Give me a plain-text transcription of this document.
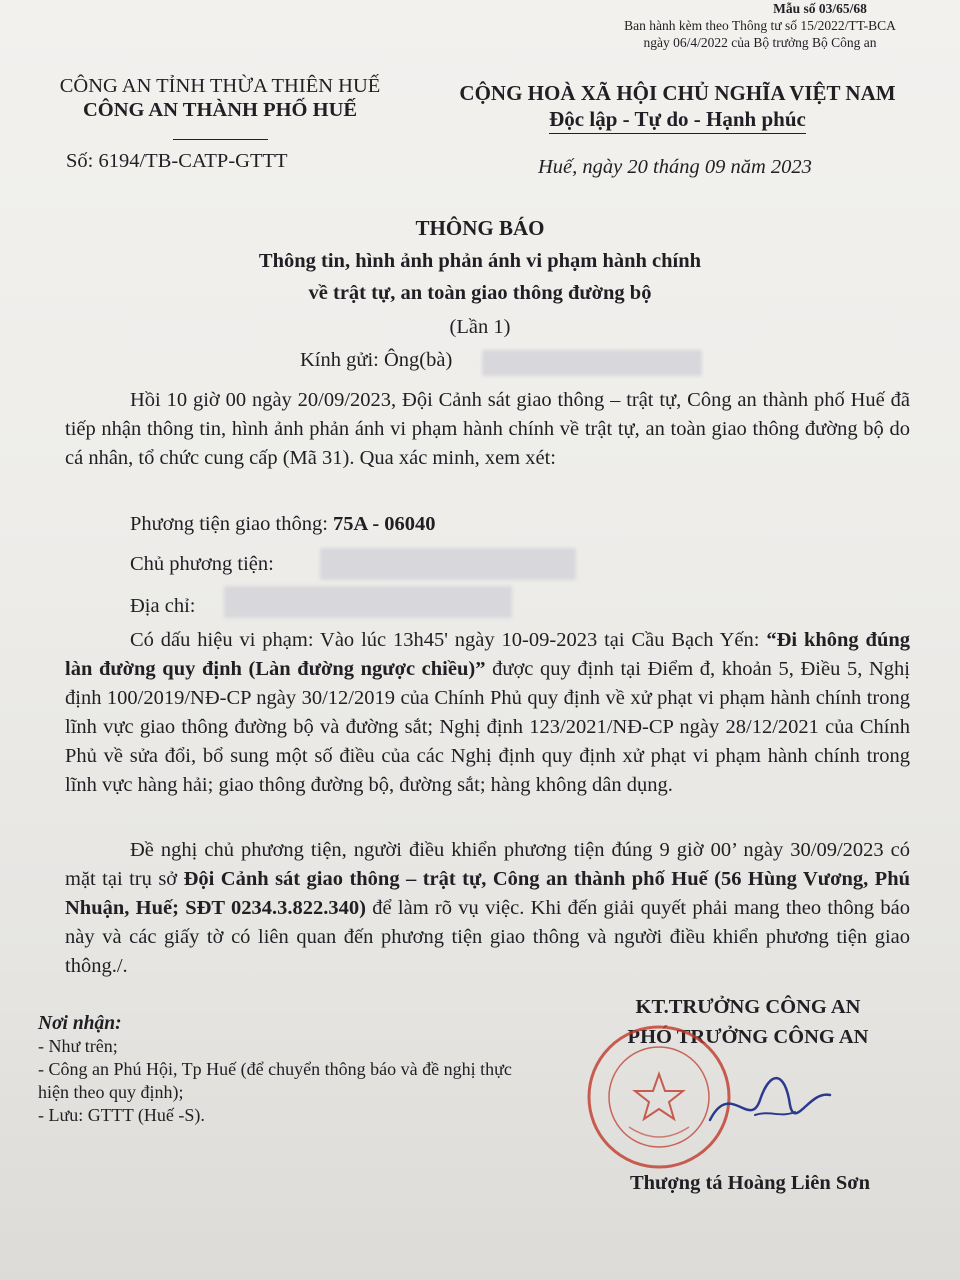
Mẫu số 03/65/68
Ban hành kèm theo Thông tư số 15/2022/TT-BCA
ngày 06/4/2022 của Bộ trưởng Bộ Công an
CÔNG AN TỈNH THỪA THIÊN HUẾ
CÔNG AN THÀNH PHỐ HUẾ
CỘNG HOÀ XÃ HỘI CHỦ NGHĨA VIỆT NAM
Độc lập - Tự do - Hạnh phúc
Số: 6194/TB-CATP-GTTT	Huế, ngày 20 tháng 09 năm 2023
THÔNG BÁO
Thông tin, hình ảnh phản ánh vi phạm hành chính
về trật tự, an toàn giao thông đường bộ
(Lần 1)
Kính gửi: Ông(bà)
Hồi 10 giờ 00 ngày 20/09/2023, Đội Cảnh sát giao thông – trật tự, Công an thành phố Huế đã tiếp nhận thông tin, hình ảnh phản ánh vi phạm hành chính về trật tự, an toàn giao thông đường bộ do cá nhân, tổ chức cung cấp (Mã 31). Qua xác minh, xem xét:
Phương tiện giao thông: 75A - 06040
Chủ phương tiện:
Địa chỉ:
Có dấu hiệu vi phạm: Vào lúc 13h45' ngày 10-09-2023 tại Cầu Bạch Yến: “Đi không đúng làn đường quy định (Làn đường ngược chiều)” được quy định tại Điểm đ, khoản 5, Điều 5, Nghị định 100/2019/NĐ-CP ngày 30/12/2019 của Chính Phủ quy định về xử phạt vi phạm hành chính trong lĩnh vực giao thông đường bộ và đường sắt; Nghị định 123/2021/NĐ-CP ngày 28/12/2021 của Chính Phủ về sửa đổi, bổ sung một số điều của các Nghị định quy định xử phạt vi phạm hành chính trong lĩnh vực hàng hải; giao thông đường bộ, đường sắt; hàng không dân dụng.
Đề nghị chủ phương tiện, người điều khiển phương tiện đúng 9 giờ 00’ ngày 30/09/2023 có mặt tại trụ sở Đội Cảnh sát giao thông – trật tự, Công an thành phố Huế (56 Hùng Vương, Phú Nhuận, Huế; SĐT 0234.3.822.340) để làm rõ vụ việc. Khi đến giải quyết phải mang theo thông báo này và các giấy tờ có liên quan đến phương tiện giao thông và người điều khiển phương tiện giao thông./.
Nơi nhận:
- Như trên;
- Công an Phú Hội, Tp Huế (để chuyển thông báo và đề nghị thực hiện theo quy định);
- Lưu: GTTT (Huế -S).
KT.TRƯỞNG CÔNG AN
PHÓ TRƯỞNG CÔNG AN
Thượng tá Hoàng Liên Sơn
